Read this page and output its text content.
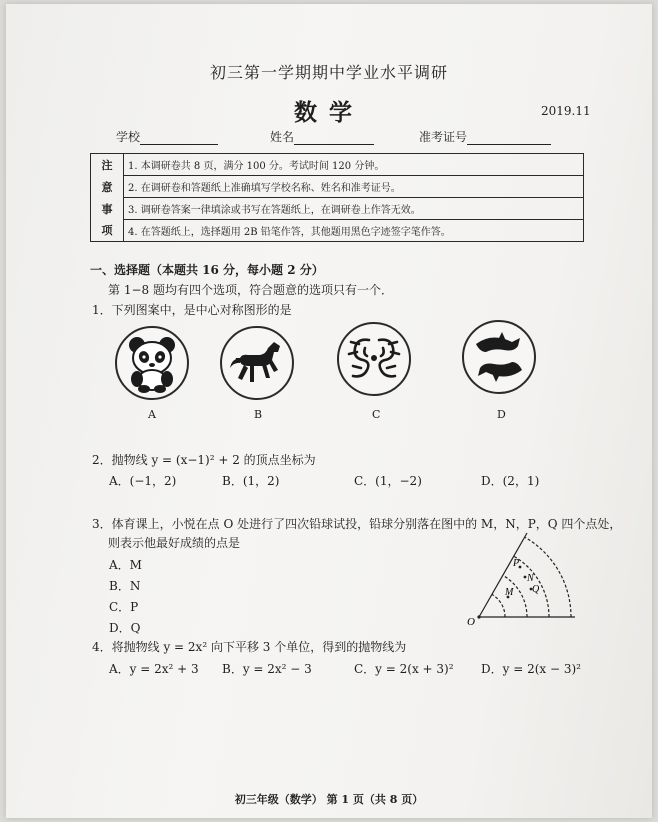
初三第一学期期中学业水平调研
数学	2019.11
学校	姓名	准考证号
注	1. 本调研卷共 8 页，满分 100 分。考试时间 120 分钟。
意	2. 在调研卷和答题纸上准确填写学校名称、姓名和准考证号。
事	3. 调研卷答案一律填涂或书写在答题纸上，在调研卷上作答无效。
项	4. 在答题纸上，选择题用 2B 铅笔作答，其他题用黑色字迹签字笔作答。
一、选择题（本题共 16 分，每小题 2 分）
第 1−8 题均有四个选项，符合题意的选项只有一个．
1．下列图案中，是中心对称图形的是
A	B	C	D
2．抛物线 y = (x−1)² + 2 的顶点坐标为
A．(−1，2)	B．(1，2)	C．(1，−2)	D．(2，1)
3．体育课上，小悦在点 O 处进行了四次铅球试投，铅球分别落在图中的 M，N，P，Q 四个点处，
则表示他最好成绩的点是
A．M
B．N
C．P
D．Q	O
M
N
P
Q
4．将抛物线 y = 2x² 向下平移 3 个单位，得到的抛物线为
A．y = 2x² + 3 B．y = 2x² − 3	C．y = 2(x + 3)² D．y = 2(x − 3)²
初三年级（数学） 第 1 页（共 8 页）
